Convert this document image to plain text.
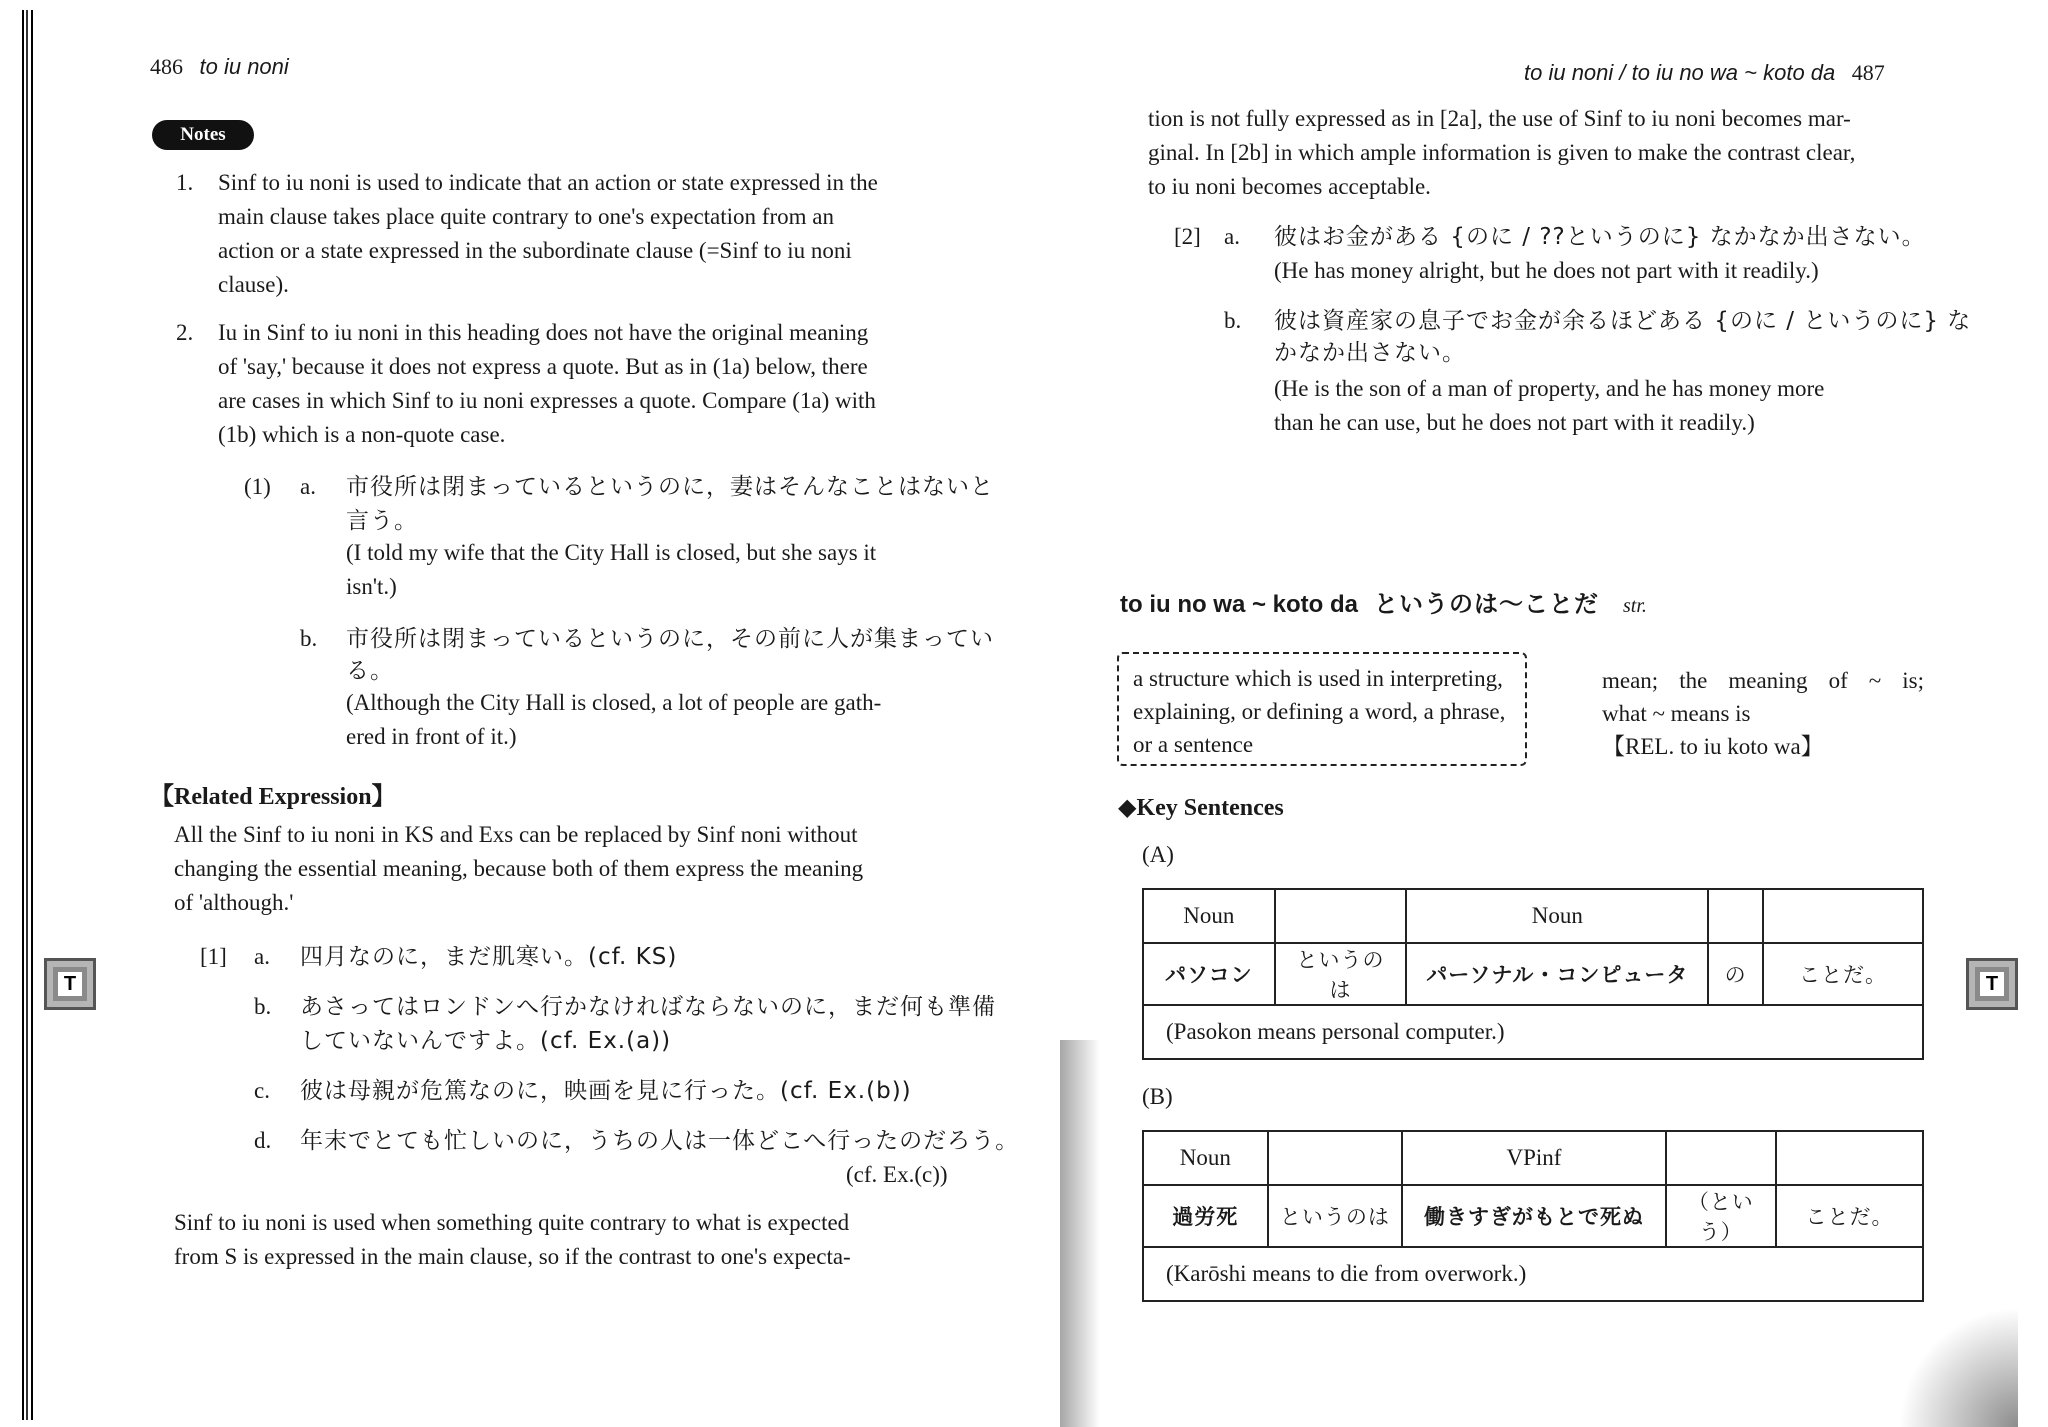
486 to iu noni
Notes
1. Sinf to iu noni is used to indicate that an action or state expressed in the
main clause takes place quite contrary to one's expectation from an
action or a state expressed in the subordinate clause (=Sinf to iu noni
clause).
2. Iu in Sinf to iu noni in this heading does not have the original meaning
of 'say,' because it does not express a quote. But as in (1a) below, there
are cases in which Sinf to iu noni expresses a quote. Compare (1a) with
(1b) which is a non-quote case.
(1) a. 市役所は閉まっているというのに，妻はそんなことはないと
言う。
(I told my wife that the City Hall is closed, but she says it
isn't.)
b. 市役所は閉まっているというのに，その前に人が集まってい
る。
(Although the City Hall is closed, a lot of people are gath-
ered in front of it.)
【Related Expression】
All the Sinf to iu noni in KS and Exs can be replaced by Sinf noni without
changing the essential meaning, because both of them express the meaning
of 'although.'
[1] a. 四月なのに，まだ肌寒い。(cf. KS)
b. あさってはロンドンへ行かなければならないのに，まだ何も準備
していないんですよ。(cf. Ex.(a))
c. 彼は母親が危篤なのに，映画を見に行った。(cf. Ex.(b))
d. 年末でとても忙しいのに，うちの人は一体どこへ行ったのだろう。
(cf. Ex.(c))
Sinf to iu noni is used when something quite contrary to what is expected
from S is expressed in the main clause, so if the contrast to one's expecta-
T
to iu noni / to iu no wa ~ koto da 487
tion is not fully expressed as in [2a], the use of Sinf to iu noni becomes mar-
ginal. In [2b] in which ample information is given to make the contrast clear,
to iu noni becomes acceptable.
[2] a. 彼はお金がある {のに / ??というのに} なかなか出さない。
(He has money alright, but he does not part with it readily.)
b. 彼は資産家の息子でお金が余るほどある {のに / というのに} な
かなか出さない。
(He is the son of a man of property, and he has money more
than he can use, but he does not part with it readily.)
to iu no wa ~ koto da というのは～ことだ str.
a structure which is used in interpreting, explaining, or defining a word, a phrase, or a sentence
mean; the meaning of ~ is;
what ~ means is
【REL. to iu koto wa】
◆Key Sentences
(A)
Noun		Noun		
パソコン	というのは	パーソナル・コンピュータ	の	ことだ。
(Pasokon means personal computer.)				
(B)
Noun		VPinf		
過労死	というのは	働きすぎがもとで死ぬ	（という）	ことだ。
(Karōshi means to die from overwork.)				
T
